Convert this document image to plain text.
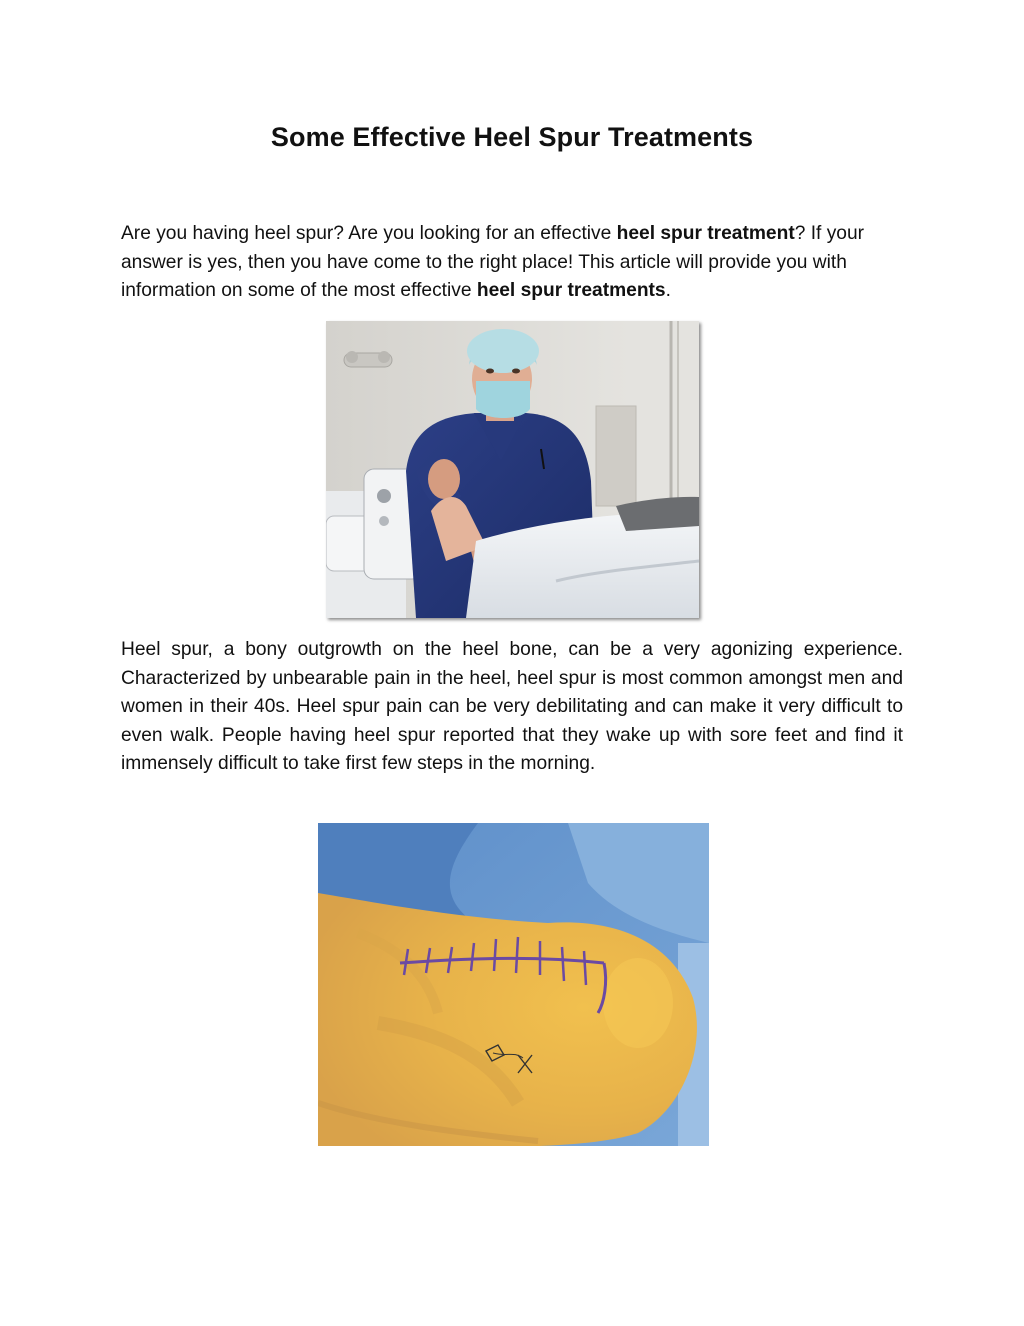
Some Effective Heel Spur Treatments

Are you having heel spur? Are you looking for an effective heel spur treatment? If your answer is yes, then you have come to the right place! This article will provide you with information on some of the most effective heel spur treatments.

Heel spur, a bony outgrowth on the heel bone, can be a very agonizing experience. Characterized by unbearable pain in the heel, heel spur is most common amongst men and women in their 40s. Heel spur pain can be very debilitating and can make it very difficult to even walk. People having heel spur reported that they wake up with sore feet and find it immensely difficult to take first few steps in the morning.
